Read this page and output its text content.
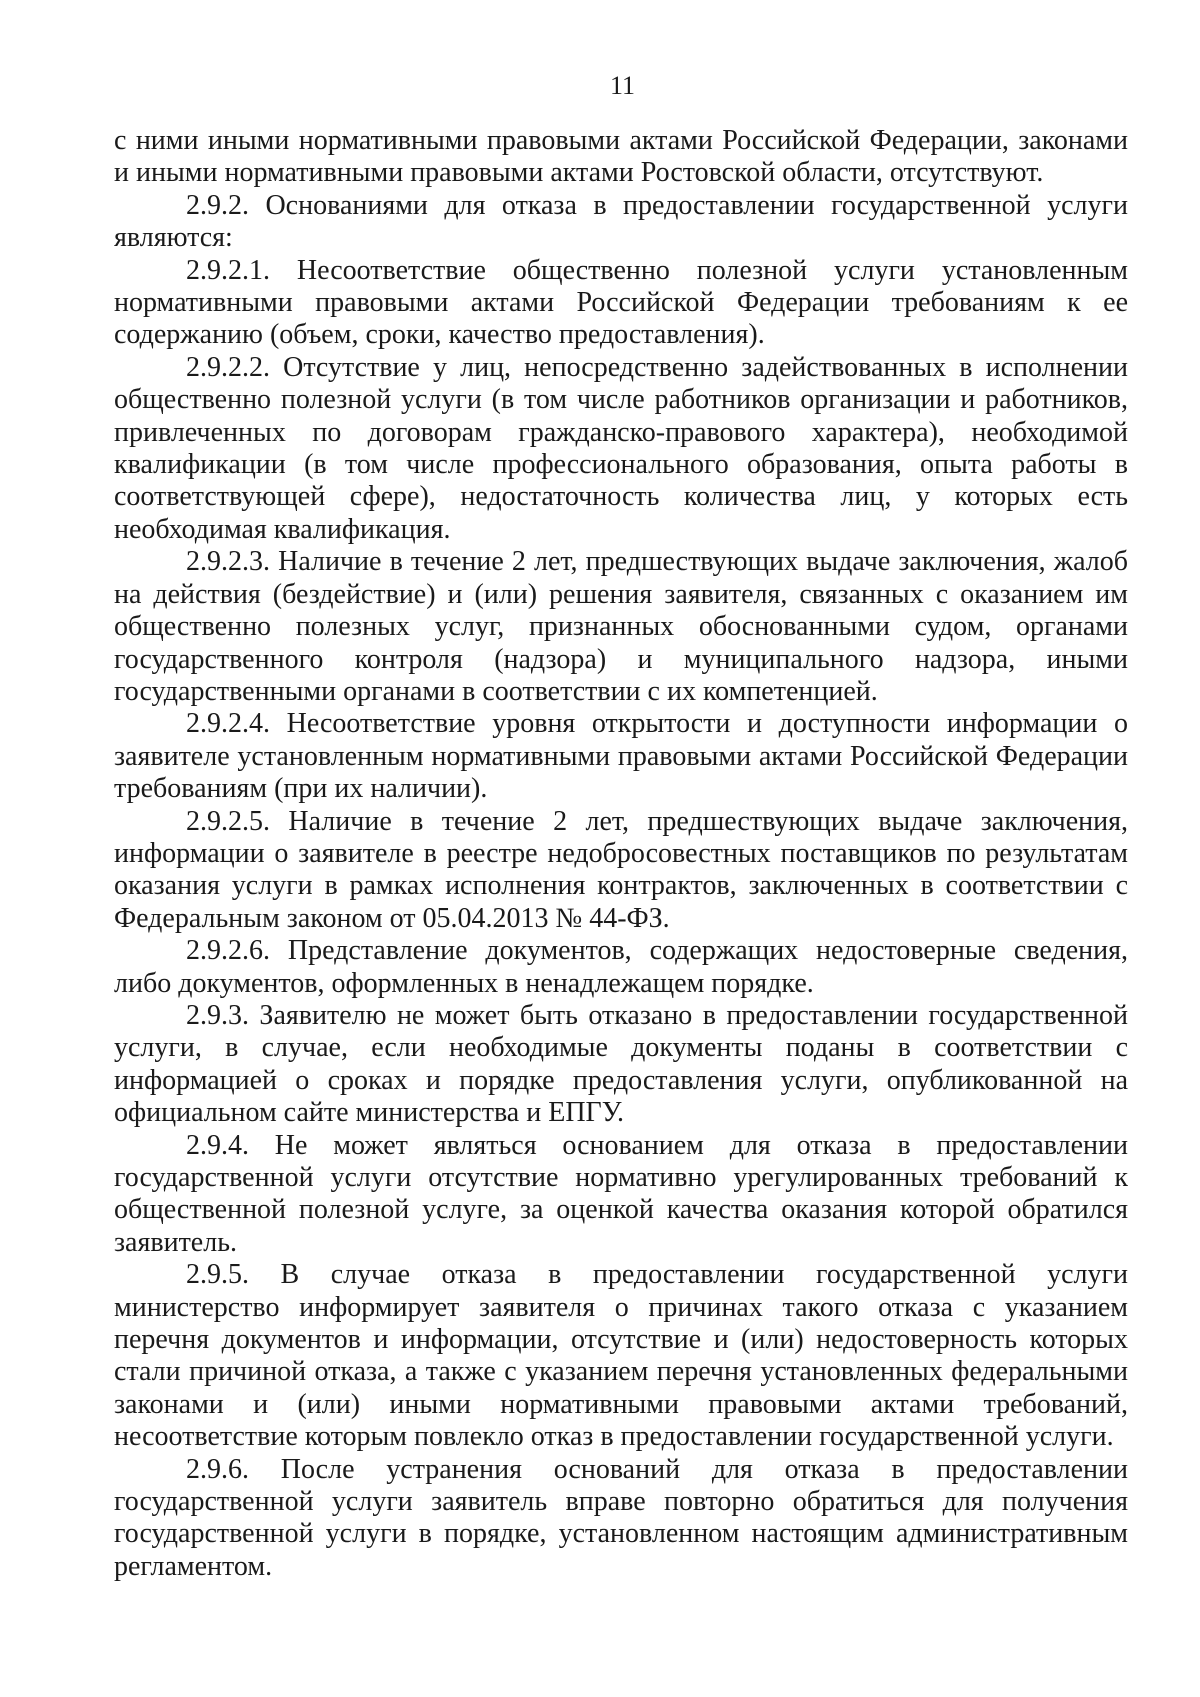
11

с ними иными нормативными правовыми актами Российской Федерации, законами и иными нормативными правовыми актами Ростовской области, отсутствуют.

2.9.2. Основаниями для отказа в предоставлении государственной услуги являются:

2.9.2.1. Несоответствие общественно полезной услуги установленным нормативными правовыми актами Российской Федерации требованиям к ее содержанию (объем, сроки, качество предоставления).

2.9.2.2. Отсутствие у лиц, непосредственно задействованных в исполнении общественно полезной услуги (в том числе работников организации и работников, привлеченных по договорам гражданско-правового характера), необходимой квалификации (в том числе профессионального образования, опыта работы в соответствующей сфере), недостаточность количества лиц, у которых есть необходимая квалификация.

2.9.2.3. Наличие в течение 2 лет, предшествующих выдаче заключения, жалоб на действия (бездействие) и (или) решения заявителя, связанных с оказанием им общественно полезных услуг, признанных обоснованными судом, органами государственного контроля (надзора) и муниципального надзора, иными государственными органами в соответствии с их компетенцией.

2.9.2.4. Несоответствие уровня открытости и доступности информации о заявителе установленным нормативными правовыми актами Российской Федерации требованиям (при их наличии).

2.9.2.5. Наличие в течение 2 лет, предшествующих выдаче заключения, информации о заявителе в реестре недобросовестных поставщиков по результатам оказания услуги в рамках исполнения контрактов, заключенных в соответствии с Федеральным законом от 05.04.2013 № 44-ФЗ.

2.9.2.6. Представление документов, содержащих недостоверные сведения, либо документов, оформленных в ненадлежащем порядке.

2.9.3. Заявителю не может быть отказано в предоставлении государственной услуги, в случае, если необходимые документы поданы в соответствии с информацией о сроках и порядке предоставления услуги, опубликованной на официальном сайте министерства и ЕПГУ.

2.9.4. Не может являться основанием для отказа в предоставлении государственной услуги отсутствие нормативно урегулированных требований к общественной полезной услуге, за оценкой качества оказания которой обратился заявитель.

2.9.5. В случае отказа в предоставлении государственной услуги министерство информирует заявителя о причинах такого отказа с указанием перечня документов и информации, отсутствие и (или) недостоверность которых стали причиной отказа, а также с указанием перечня установленных федеральными законами и (или) иными нормативными правовыми актами требований, несоответствие которым повлекло отказ в предоставлении государственной услуги.

2.9.6. После устранения оснований для отказа в предоставлении государственной услуги заявитель вправе повторно обратиться для получения государственной услуги в порядке, установленном настоящим административным регламентом.
